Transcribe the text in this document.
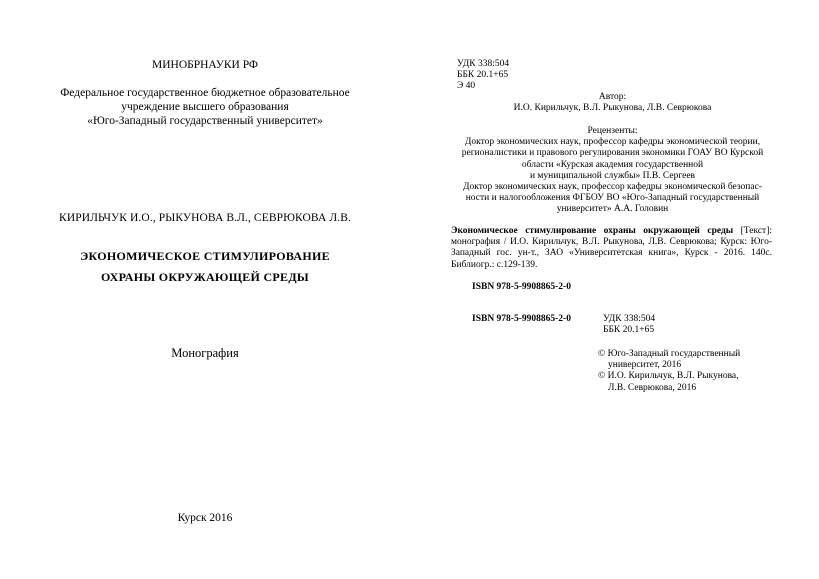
МИНОБРНАУКИ РФ
Федеральное государственное бюджетное образовательное
учреждение высшего образования
«Юго-Западный государственный университет»
КИРИЛЬЧУК И.О., РЫКУНОВА В.Л., СЕВРЮКОВА Л.В.
ЭКОНОМИЧЕСКОЕ СТИМУЛИРОВАНИЕ
ОХРАНЫ ОКРУЖАЮЩЕЙ СРЕДЫ
Монография
Курск 2016
УДК 338:504
ББК 20.1+65
Э 40
Автор:
И.О. Кирильчук, В.Л. Рыкунова, Л.В. Севрюкова
Рецензенты:
Доктор экономических наук, профессор кафедры экономической теории,
регионалистики и правового регулирования экономики ГОАУ ВО Курской
области «Курская академия государственной
и муниципальной службы» П.В. Сергеев
Доктор экономических наук, профессор кафедры экономической безопас-
ности и налогообложения ФГБОУ ВО «Юго-Западный государственный
университет» А.А. Головин
Экономическое стимулирование охраны окружающей среды [Текст]: монография / И.О. Кирильчук, В.Л. Рыкунова, Л.В. Севрюкова; Курск: Юго-Западный гос. ун-т., ЗАО «Университетская книга», Курск - 2016. 140с. Библиогр.: с.129-139.
ISBN 978-5-9908865-2-0
ISBN 978-5-9908865-2-0	УДК 338:504
ББК 20.1+65
© Юго-Западный государственный
университет, 2016
© И.О. Кирильчук, В.Л. Рыкунова,
Л.В. Севрюкова, 2016
